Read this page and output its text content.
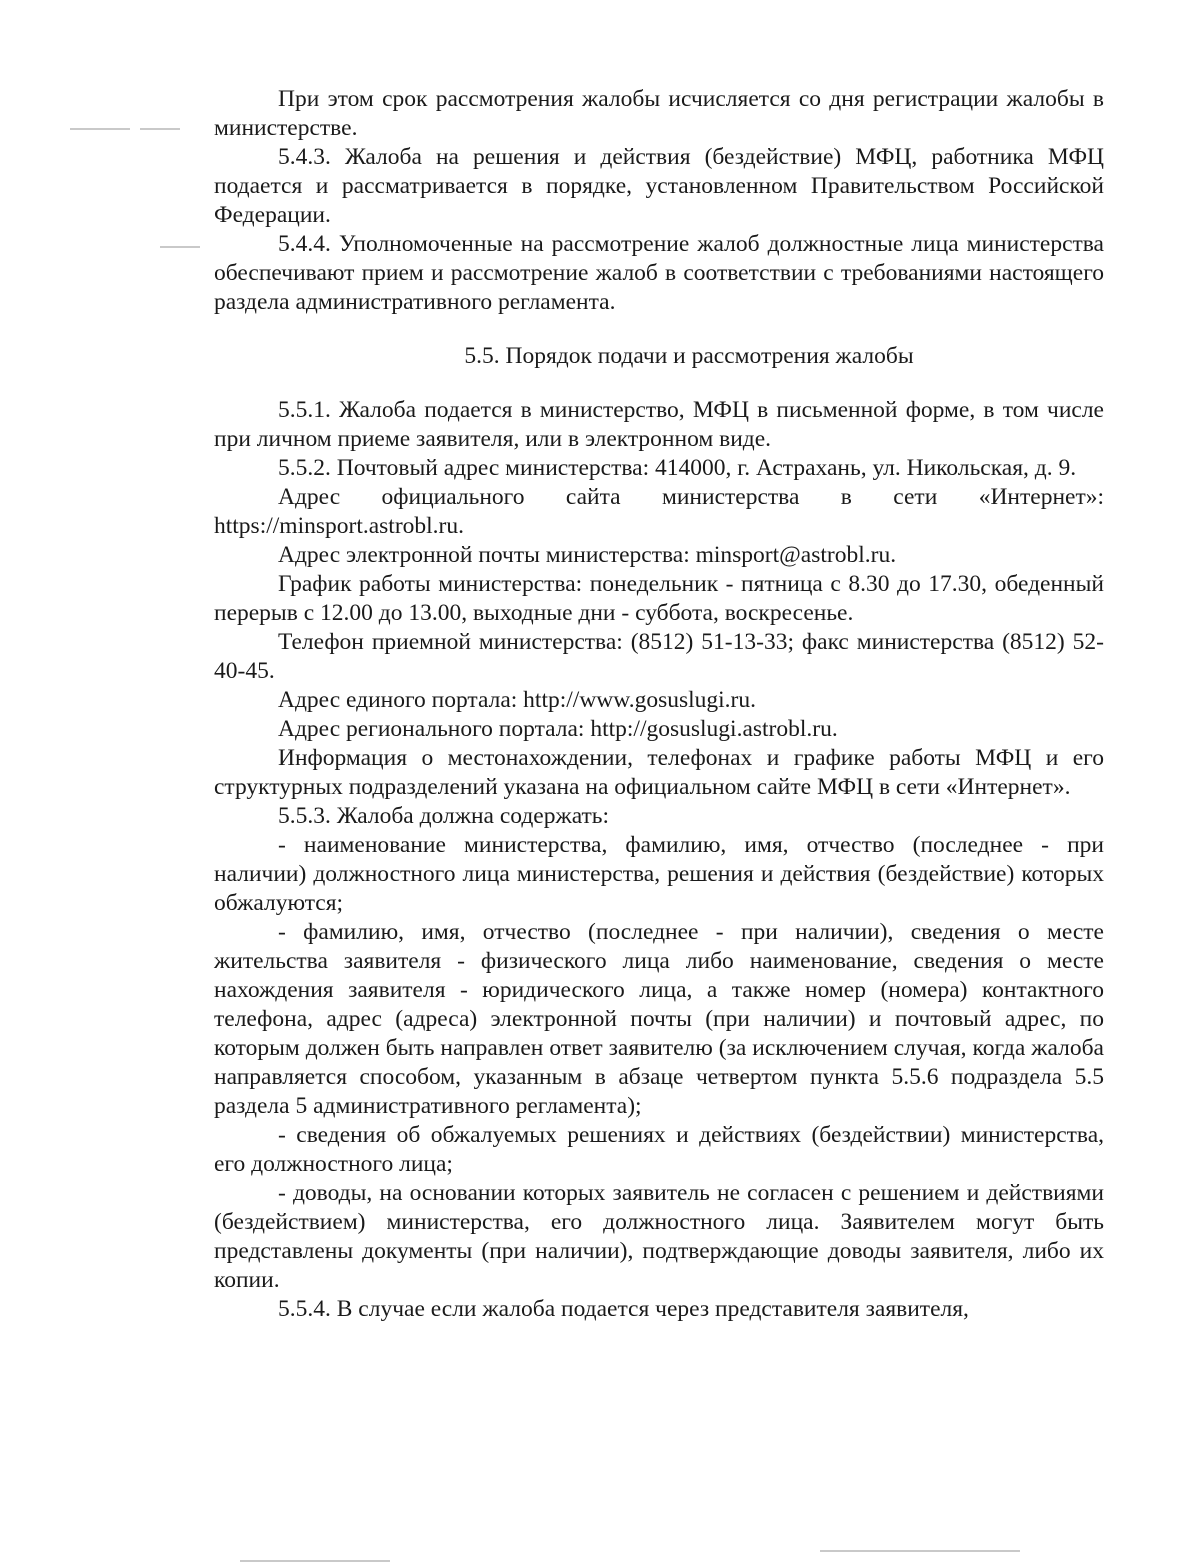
При этом срок рассмотрения жалобы исчисляется со дня регистрации жалобы в министерстве.

5.4.3. Жалоба на решения и действия (бездействие) МФЦ, работника МФЦ подается и рассматривается в порядке, установленном Правительством Российской Федерации.

5.4.4. Уполномоченные на рассмотрение жалоб должностные лица министерства обеспечивают прием и рассмотрение жалоб в соответствии с требованиями настоящего раздела административного регламента.

5.5. Порядок подачи и рассмотрения жалобы

5.5.1. Жалоба подается в министерство, МФЦ в письменной форме, в том числе при личном приеме заявителя, или в электронном виде.

5.5.2. Почтовый адрес министерства: 414000, г. Астрахань, ул. Никольская, д. 9.

Адрес официального сайта министерства в сети «Интернет»: https://minsport.astrobl.ru.

Адрес электронной почты министерства: minsport@astrobl.ru.

График работы министерства: понедельник - пятница с 8.30 до 17.30, обеденный перерыв с 12.00 до 13.00, выходные дни - суббота, воскресенье.

Телефон приемной министерства: (8512) 51-13-33; факс министерства (8512) 52-40-45.

Адрес единого портала: http://www.gosuslugi.ru.

Адрес регионального портала: http://gosuslugi.astrobl.ru.

Информация о местонахождении, телефонах и графике работы МФЦ и его структурных подразделений указана на официальном сайте МФЦ в сети «Интернет».

5.5.3. Жалоба должна содержать:

- наименование министерства, фамилию, имя, отчество (последнее - при наличии) должностного лица министерства, решения и действия (бездействие) которых обжалуются;

- фамилию, имя, отчество (последнее - при наличии), сведения о месте жительства заявителя - физического лица либо наименование, сведения о месте нахождения заявителя - юридического лица, а также номер (номера) контактного телефона, адрес (адреса) электронной почты (при наличии) и почтовый адрес, по которым должен быть направлен ответ заявителю (за исключением случая, когда жалоба направляется способом, указанным в абзаце четвертом пункта 5.5.6 подраздела 5.5 раздела 5 административного регламента);

- сведения об обжалуемых решениях и действиях (бездействии) министерства, его должностного лица;

- доводы, на основании которых заявитель не согласен с решением и действиями (бездействием) министерства, его должностного лица. Заявителем могут быть представлены документы (при наличии), подтверждающие доводы заявителя, либо их копии.

5.5.4. В случае если жалоба подается через представителя заявителя,
